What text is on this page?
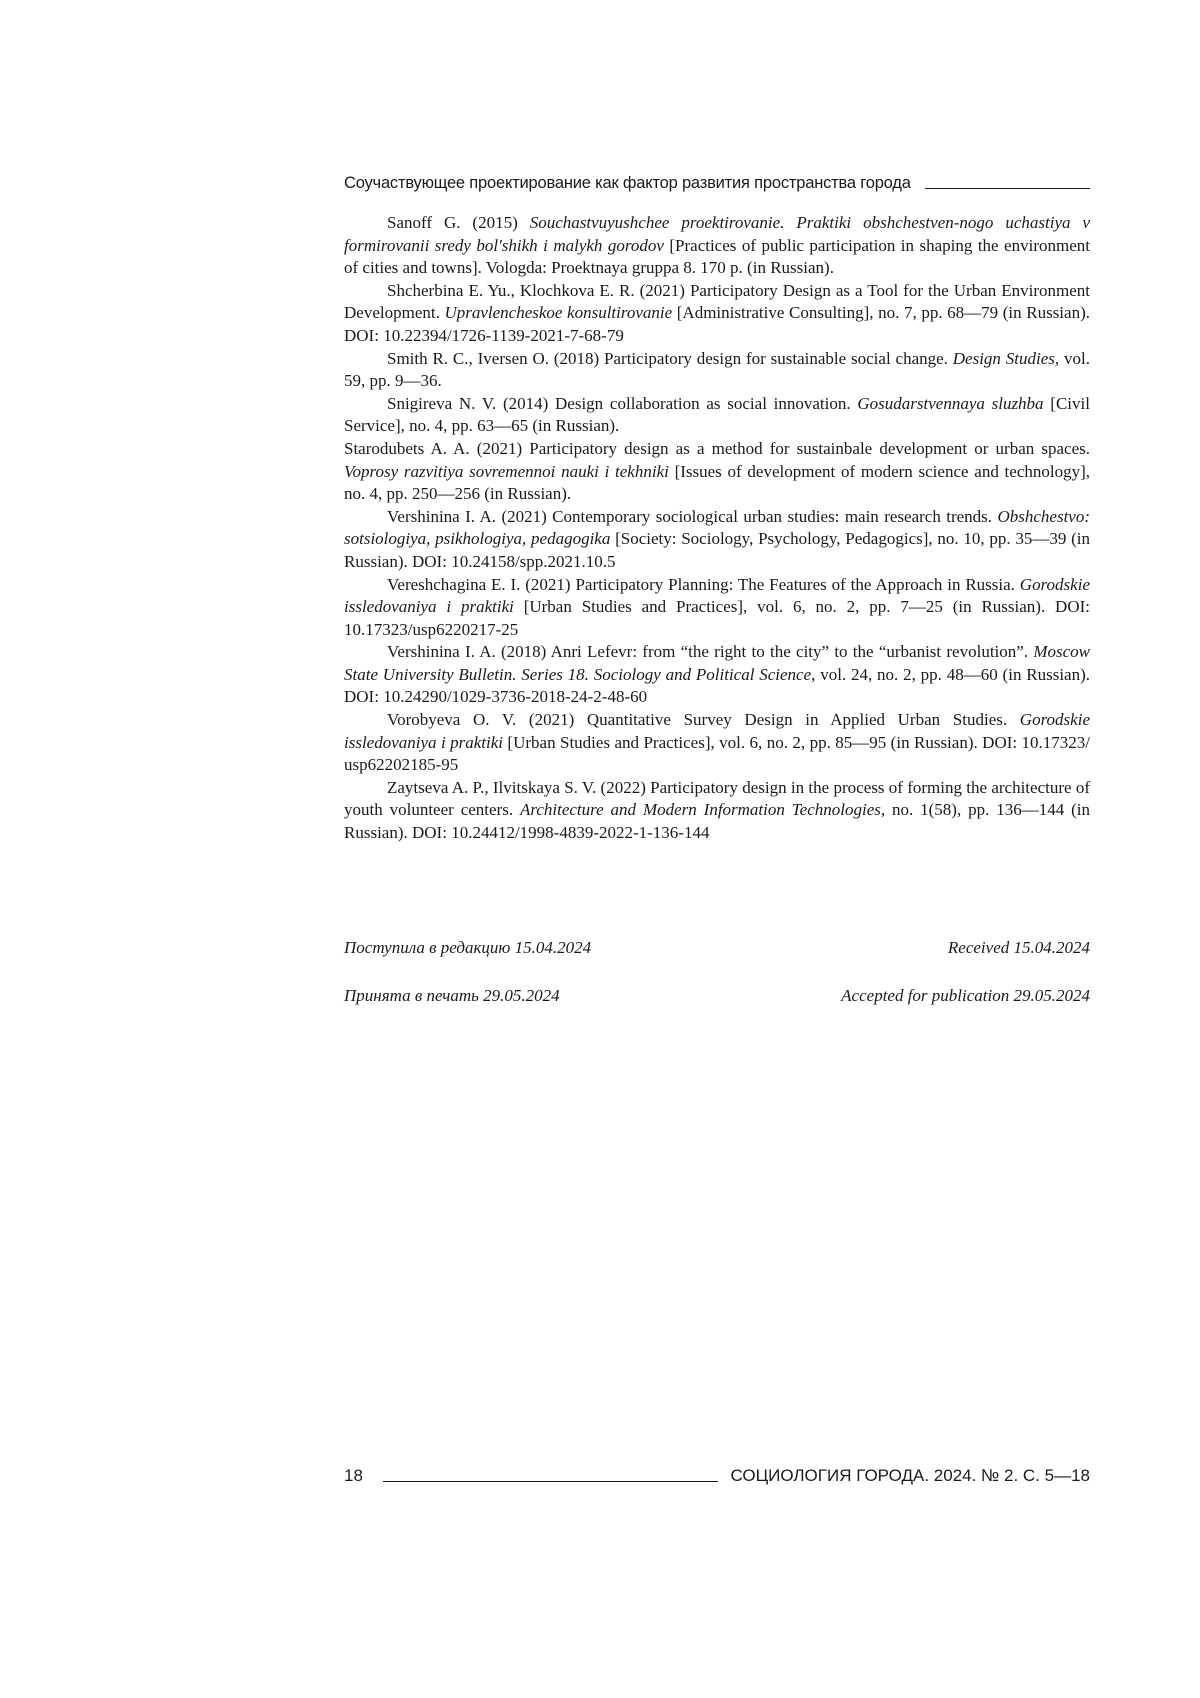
Соучаствующее проектирование как фактор развития пространства города

Sanoff G. (2015) Souchastvuyushchee proektirovanie. Praktiki obshchestven-nogo uchastiya v formirovanii sredy bol'shikh i malykh gorodov [Practices of public participation in shaping the environment of cities and towns]. Vologda: Proektnaya gruppa 8. 170 p. (in Russian).

Shcherbina E. Yu., Klochkova E. R. (2021) Participatory Design as a Tool for the Urban Environment Development. Upravlencheskoe konsultirovanie [Administrative Consulting], no. 7, pp. 68—79 (in Russian). DOI: 10.22394/1726-1139-2021-7-68-79

Smith R. C., Iversen O. (2018) Participatory design for sustainable social change. Design Studies, vol. 59, pp. 9—36.

Snigireva N. V. (2014) Design collaboration as social innovation. Gosudarstvennaya sluzhba [Civil Service], no. 4, pp. 63—65 (in Russian).

Starodubets A. A. (2021) Participatory design as a method for sustainbale development or urban spaces. Voprosy razvitiya sovremennoi nauki i tekhniki [Issues of development of modern science and technology], no. 4, pp. 250—256 (in Russian).

Vershinina I. A. (2021) Contemporary sociological urban studies: main research trends. Obshchestvo: sotsiologiya, psikhologiya, pedagogika [Society: Sociology, Psychology, Pedagogics], no. 10, pp. 35—39 (in Russian). DOI: 10.24158/spp.2021.10.5

Vereshchagina E. I. (2021) Participatory Planning: The Features of the Approach in Russia. Gorodskie issledovaniya i praktiki [Urban Studies and Practices], vol. 6, no. 2, pp. 7—25 (in Russian). DOI: 10.17323/usp6220217-25

Vershinina I. A. (2018) Anri Lefevr: from “the right to the city” to the “urbanist revolution”. Moscow State University Bulletin. Series 18. Sociology and Political Science, vol. 24, no. 2, pp. 48—60 (in Russian). DOI: 10.24290/1029-3736-2018-24-2-48-60

Vorobyeva O. V. (2021) Quantitative Survey Design in Applied Urban Studies. Gorodskie issledovaniya i praktiki [Urban Studies and Practices], vol. 6, no. 2, pp. 85—95 (in Russian). DOI: 10.17323/ usp62202185-95

Zaytseva A. P., Ilvitskaya S. V. (2022) Participatory design in the process of forming the architecture of youth volunteer centers. Architecture and Modern Information Technologies, no. 1(58), pp. 136—144 (in Russian). DOI: 10.24412/1998-4839-2022-1-136-144

Поступила в редакцию 15.04.2024	Received 15.04.2024
Принята в печать 29.05.2024	Accepted for publication 29.05.2024
18	СОЦИОЛОГИЯ ГОРОДА. 2024. № 2. С. 5—18
